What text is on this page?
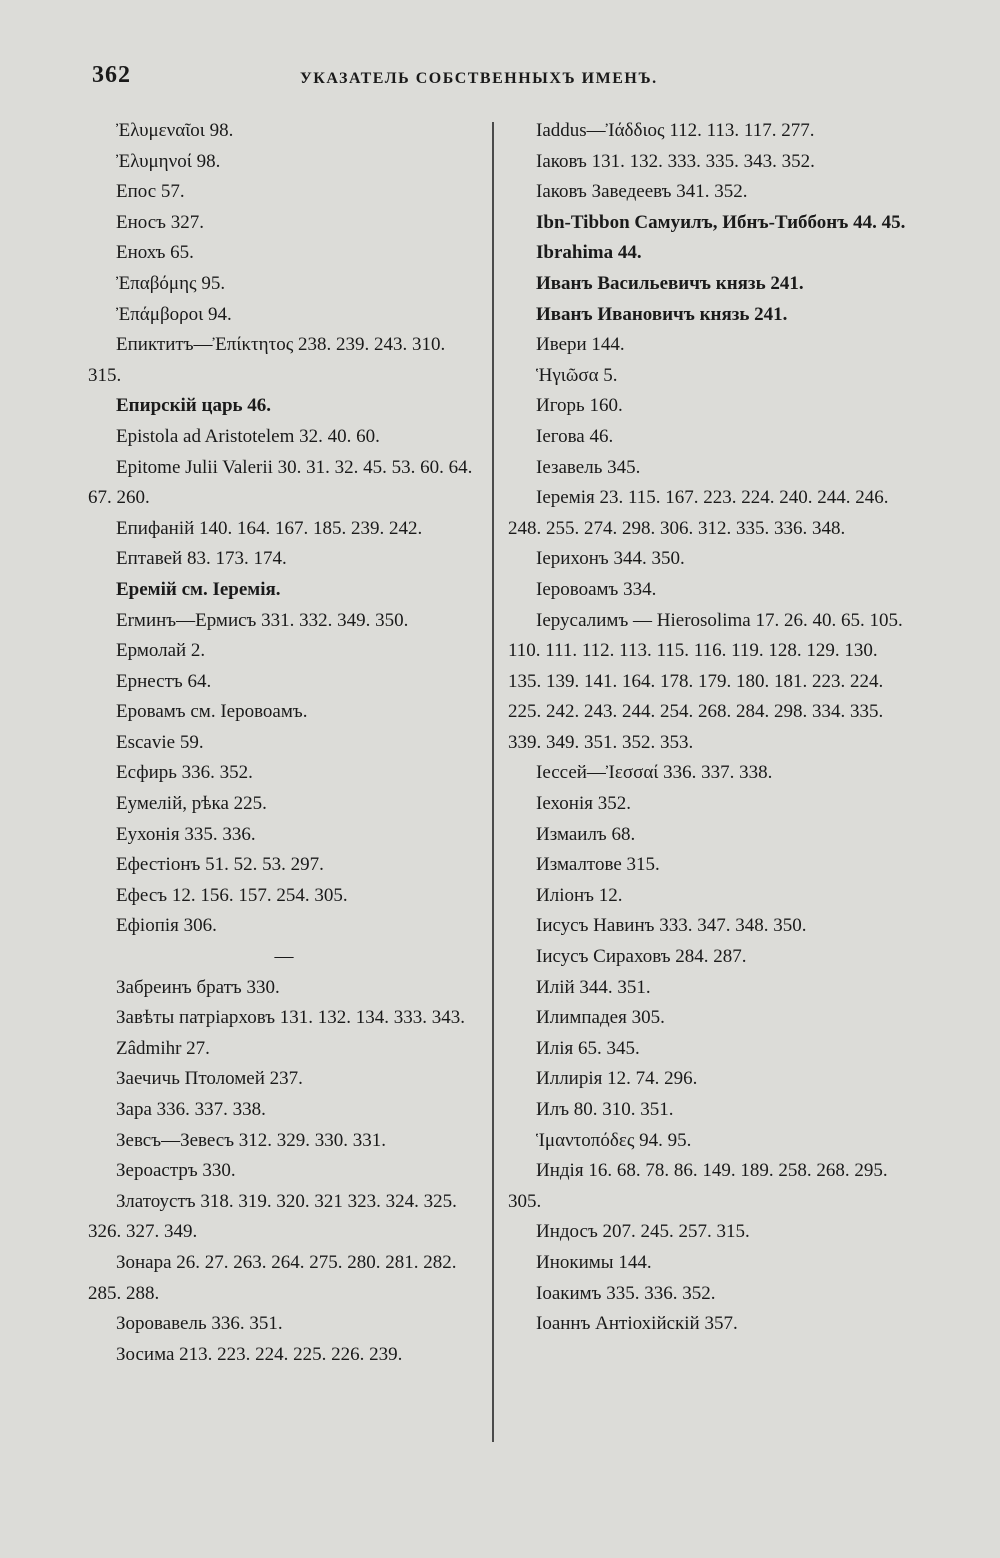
362	УКАЗАТЕЛЬ СОБСТВЕННЫХЪ ИМЕНЪ.
Ἐλυμεναῖοι 98.
Ἐλυμηνοί 98.
Епос 57.
Еносъ 327.
Енохъ 65.
Ἐπαβόμης 95.
Ἐπάμβοροι 94.
Епиктитъ—Ἐπίκτητος 238. 239. 243. 310. 315.
Епирскій царь 46.
Epistola ad Aristotelem 32. 40. 60.
Epitome Julii Valerii 30. 31. 32. 45. 53. 60. 64. 67. 260.
Епифаній 140. 164. 167. 185. 239. 242.
Ептавей 83. 173. 174.
Еремій см. Іеремія.
Erминъ—Ермисъ 331. 332. 349. 350.
Ермолай 2.
Ернестъ 64.
Еровамъ см. Іеровоамъ.
Escavie 59.
Есфирь 336. 352.
Еумелій, рѣка 225.
Еухонія 335. 336.
Ефестіонъ 51. 52. 53. 297.
Ефесъ 12. 156. 157. 254. 305.
Ефіопія 306.
—
Забреинъ братъ 330.
Завѣты патріарховъ 131. 132. 134. 333. 343.
Zâdmihr 27.
Заечичь Птоломей 237.
Зара 336. 337. 338.
Зевсъ—Зевесъ 312. 329. 330. 331.
Зероастръ 330.
Златоустъ 318. 319. 320. 321 323. 324. 325. 326. 327. 349.
Зонара 26. 27. 263. 264. 275. 280. 281. 282. 285. 288.
Зоровавель 336. 351.
Зосима 213. 223. 224. 225. 226. 239.
Iaddus—Ἰάδδιος 112. 113. 117. 277.
Іаковъ 131. 132. 333. 335. 343. 352.
Іаковъ Заведеевъ 341. 352.
Ibn-Tibbon Самуилъ, Ибнъ-Тиббонъ 44. 45.
Ibrahima 44.
Иванъ Васильевичъ князь 241.
Иванъ Ивановичъ князь 241.
Ивери 144.
Ἡγιῶσα 5.
Игорь 160.
Іегова 46.
Іезавель 345.
Іеремія 23. 115. 167. 223. 224. 240. 244. 246. 248. 255. 274. 298. 306. 312. 335. 336. 348.
Іерихонъ 344. 350.
Іеровоамъ 334.
Іерусалимъ — Hierosolima 17. 26. 40. 65. 105. 110. 111. 112. 113. 115. 116. 119. 128. 129. 130. 135. 139. 141. 164. 178. 179. 180. 181. 223. 224. 225. 242. 243. 244. 254. 268. 284. 298. 334. 335. 339. 349. 351. 352. 353.
Іессей—Ἰεσσαί 336. 337. 338.
Іехонія 352.
Измаилъ 68.
Измалтове 315.
Иліонъ 12.
Іисусъ Навинъ 333. 347. 348. 350.
Іисусъ Сираховъ 284. 287.
Илій 344. 351.
Илимпадея 305.
Илія 65. 345.
Иллирія 12. 74. 296.
Илъ 80. 310. 351.
Ἱμαντοπόδες 94. 95.
Индія 16. 68. 78. 86. 149. 189. 258. 268. 295. 305.
Индосъ 207. 245. 257. 315.
Инокимы 144.
Іоакимъ 335. 336. 352.
Іоаннъ Антіохійскій 357.
